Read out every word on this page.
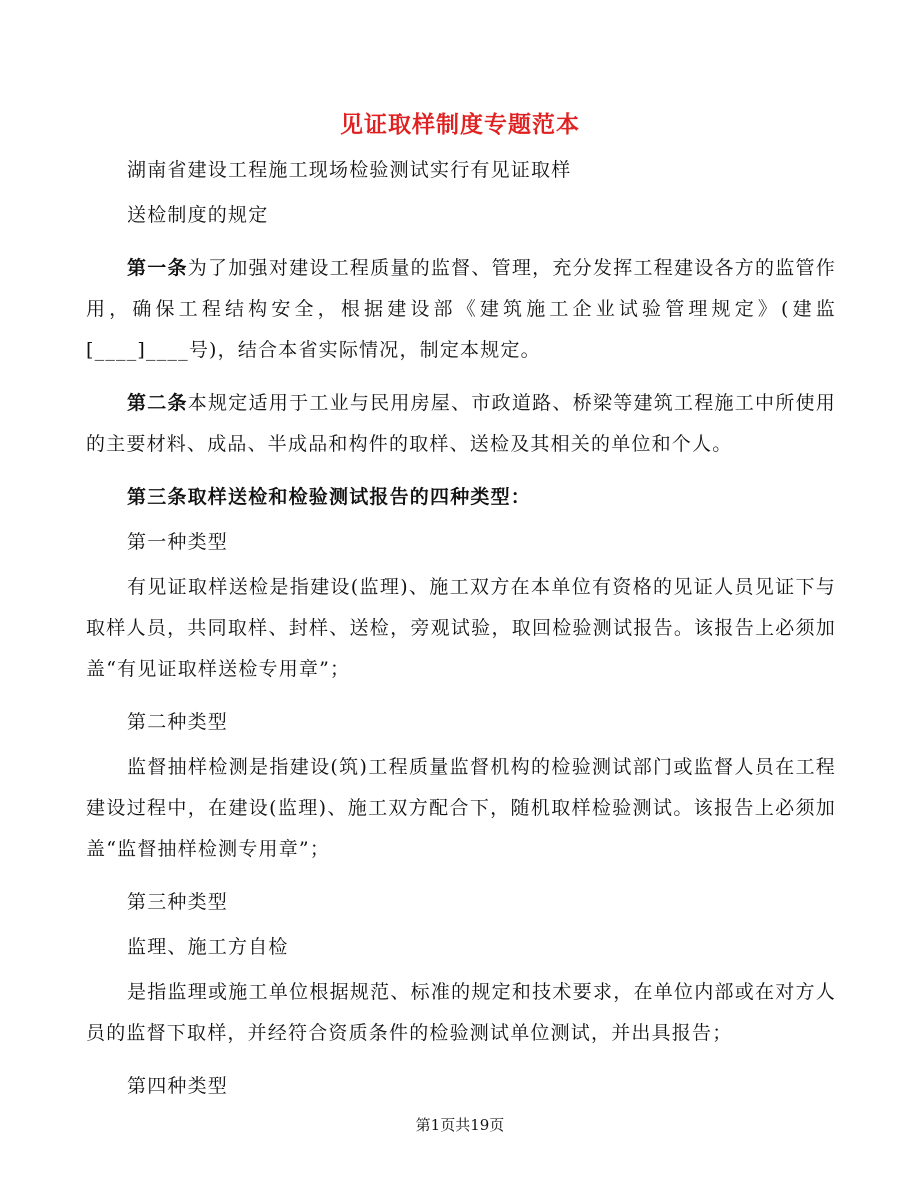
见证取样制度专题范本

湖南省建设工程施工现场检验测试实行有见证取样

送检制度的规定

第一条为了加强对建设工程质量的监督、管理，充分发挥工程建设各方的监管作用，确保工程结构安全，根据建设部《建筑施工企业试验管理规定》(建监[____]____号)，结合本省实际情况，制定本规定。

第二条本规定适用于工业与民用房屋、市政道路、桥梁等建筑工程施工中所使用的主要材料、成品、半成品和构件的取样、送检及其相关的单位和个人。

第三条取样送检和检验测试报告的四种类型：

第一种类型

有见证取样送检是指建设(监理)、施工双方在本单位有资格的见证人员见证下与取样人员，共同取样、封样、送检，旁观试验，取回检验测试报告。该报告上必须加盖“有见证取样送检专用章”；

第二种类型

监督抽样检测是指建设(筑)工程质量监督机构的检验测试部门或监督人员在工程建设过程中，在建设(监理)、施工双方配合下，随机取样检验测试。该报告上必须加盖“监督抽样检测专用章”；

第三种类型

监理、施工方自检

是指监理或施工单位根据规范、标准的规定和技术要求，在单位内部或在对方人员的监督下取样，并经符合资质条件的检验测试单位测试，并出具报告；

第四种类型

第1页共19页
